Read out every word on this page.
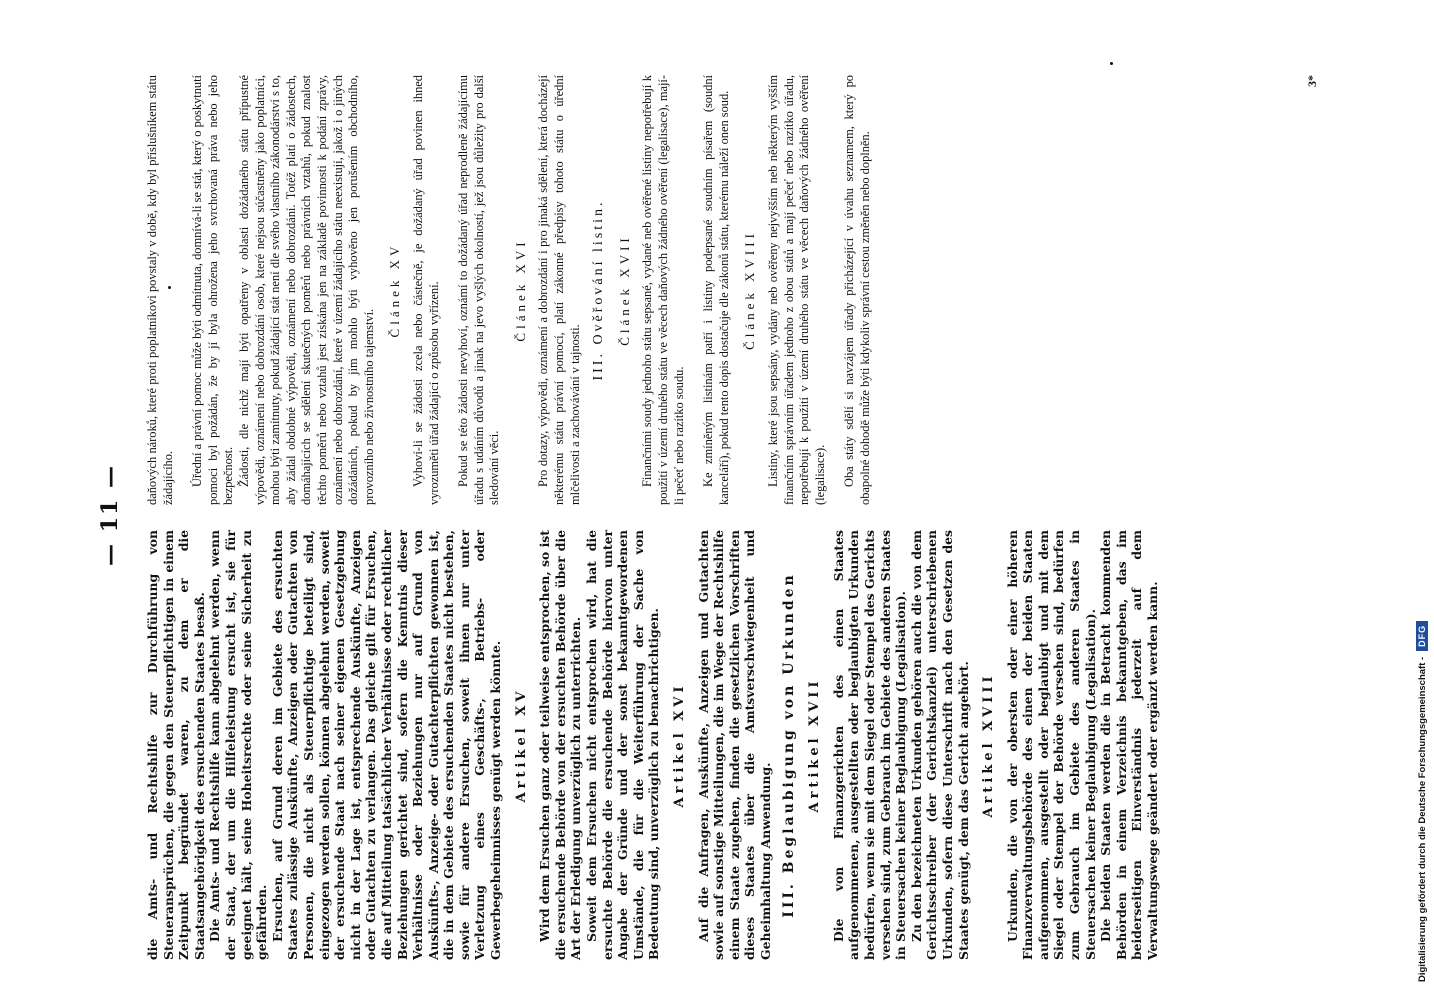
— 11 —

die Amts- und Rechtshilfe zur Durchführung von Steueransprüchen, die gegen den Steuerpflichtigen in einem Zeitpunkt begründet waren, zu dem er die Staatsangehörigkeit des ersuchenden Staates besaß. Die Amts- und Rechtshilfe kann abgelehnt werden, wenn der Staat, der um die Hilfeleistung ersucht ist, sie für geeignet hält, seine Hoheitsrechte oder seine Sicherheit zu gefährden. Ersuchen, auf Grund deren im Gebiete des ersuchten Staates zulässige Auskünfte, Anzeigen oder Gutachten von Personen, die nicht als Steuerpflichtige beteiligt sind, eingezogen werden sollen, können abgelehnt werden, soweit der ersuchende Staat nach seiner eigenen Gesetzgebung nicht in der Lage ist, entsprechende Auskünfte, Anzeigen oder Gutachten zu verlangen. Das gleiche gilt für Ersuchen, die auf Mitteilung tatsächlicher Verhältnisse oder rechtlicher Beziehungen gerichtet sind, sofern die Kenntnis dieser Verhältnisse oder Beziehungen nur auf Grund von Auskünfts-, Anzeige- oder Gutachterpflichten gewonnen ist, die in dem Gebiete des ersuchenden Staates nicht bestehen, sowie für andere Ersuchen, soweit ihnen nur unter Verletzung eines Geschäfts-, Betriebs- oder Gewerbegeheimnisses genügt werden könnte. Artikel XV Wird dem Ersuchen ganz oder teilweise entsprochen, so ist die ersuchende Behörde von der ersuchten Behörde über die Art der Erledigung unverzüglich zu unterrichten. Soweit dem Ersuchen nicht entsprochen wird, hat die ersuchte Behörde die ersuchende Behörde hiervon unter Angabe der Gründe und der sonst bekanntgewordenen Umstände, die für die Weiterführung der Sache von Bedeutung sind, unverzüglich zu benachrichtigen. Artikel XVI Auf die Anfragen, Auskünfte, Anzeigen und Gutachten sowie auf sonstige Mitteilungen, die im Wege der Rechtshilfe einem Staate zugehen, finden die gesetzlichen Vorschriften dieses Staates über die Amtsverschwiegenheit und Geheimhaltung Anwendung. III. Beglaubigung von Urkunden Artikel XVII Die von Finanzgerichten des einen Staates aufgenommenen, ausgestellten oder beglaubigten Urkunden bedürfen, wenn sie mit dem Siegel oder Stempel des Gerichts versehen sind, zum Gebrauch im Gebiete des anderen Staates in Steuersachen keiner Beglaubigung (Legalisation). Zu den bezeichneten Urkunden gehören auch die von dem Gerichtsschreiber (der Gerichtskanzlei) unterschriebenen Urkunden, sofern diese Unterschrift nach den Gesetzen des Staates genügt, dem das Gericht angehört. Artikel XVIII Urkunden, die von der obersten oder einer höheren Finanzverwaltungsbehörde des einen der beiden Staaten aufgenommen, ausgestellt oder beglaubigt und mit dem Siegel oder Stempel der Behörde versehen sind, bedürfen zum Gebrauch im Gebiete des anderen Staates in Steuersachen keiner Beglaubigung (Legalisation). Die beiden Staaten werden die in Betracht kommenden Behörden in einem Verzeichnis bekanntgeben, das im beiderseitigen Einverständnis jederzeit auf dem Verwaltungswege geändert oder ergänzt werden kann.

daňových nároků, které proti poplatníkovi povstaly v době, kdy byl příslušníkem státu žádajícího. Úřední a právní pomoc může býti odmítnuta, domnívá-li se stát, který o poskytnutí pomoci byl požádán, že by jí byla ohrožena jeho svrchovaná práva nebo jeho bezpečnost. Žádosti, dle nichž mají býti opatřeny v oblasti dožádaného státu přípustné výpovědi, oznámení nebo dobrozdání osob, které nejsou súčastněny jako poplatníci, mohou býti zamítnuty, pokud žádající stát není dle svého vlastního zákonodárství s to, aby žádal obdobné výpovědi, oznámení nebo dobrozdání. Totéž platí o žádostech, domáhajících se sdělení skutečných poměrů nebo právních vztahů, pokud znalost těchto poměrů nebo vztahů jest získána jen na základě povinnosti k podání zprávy, oznámení nebo dobrozdání, které v území žádajícího státu neexistují, jakož i o jiných dožádáních, pokud by jim mohlo býti vyhověno jen porušením obchodního, provozního nebo živnostního tajemství.

Článek XV Vyhoví-li se žádosti zcela nebo částečně, je dožádaný úřad povinen ihned vyrozuměti úřad žádající o způsobu vyřízení. Pokud se této žádosti nevyhoví, oznámí to dožádaný úřad neprodleně žádajícímu úřadu s udáním důvodů a jinak na jevo vyšlých okolností, jež jsou důležity pro další sledování věci.

Článek XVI Pro dotazy, výpovědi, oznámení a dobrozdání i pro jinaká sdělení, která docházejí některému státu právní pomocí, platí zákonné předpisy tohoto státu o úřední mlčelivosti a zachovávání v tajnosti.

III. Ověřování listin. Článek XVII Finančními soudy jednoho státu sepsané, vydané neb ověřené listiny nepotřebují k použití v území druhého státu ve věcech daňových žádného ověření (legalisace), mají-li pečeť nebo razítko soudu. Ke zmíněným listinám patří i listiny podepsané soudním písařem (soudní kanceláří), pokud tento dopis dostačuje dle zákonů státu, kterému náleží onen soud. Článek XVIII Listiny, které jsou sepsány, vydány neb ověřeny nejvyšším neb některým vyšším finančním správním úřadem jednoho z obou států a mají pečeť nebo razítko úřadu, nepotřebují k použití v území druhého státu ve věcech daňových žádného ověření (legalisace). Oba státy sdělí si navzájem úřady přicházející v úvahu seznamem, který po obapolné dohodě může býti kdykoliv správní cestou změněn nebo doplněn.

3*
Digitalisierung gefördert durch die Deutsche Forschungsgemeinschaft -DFG
